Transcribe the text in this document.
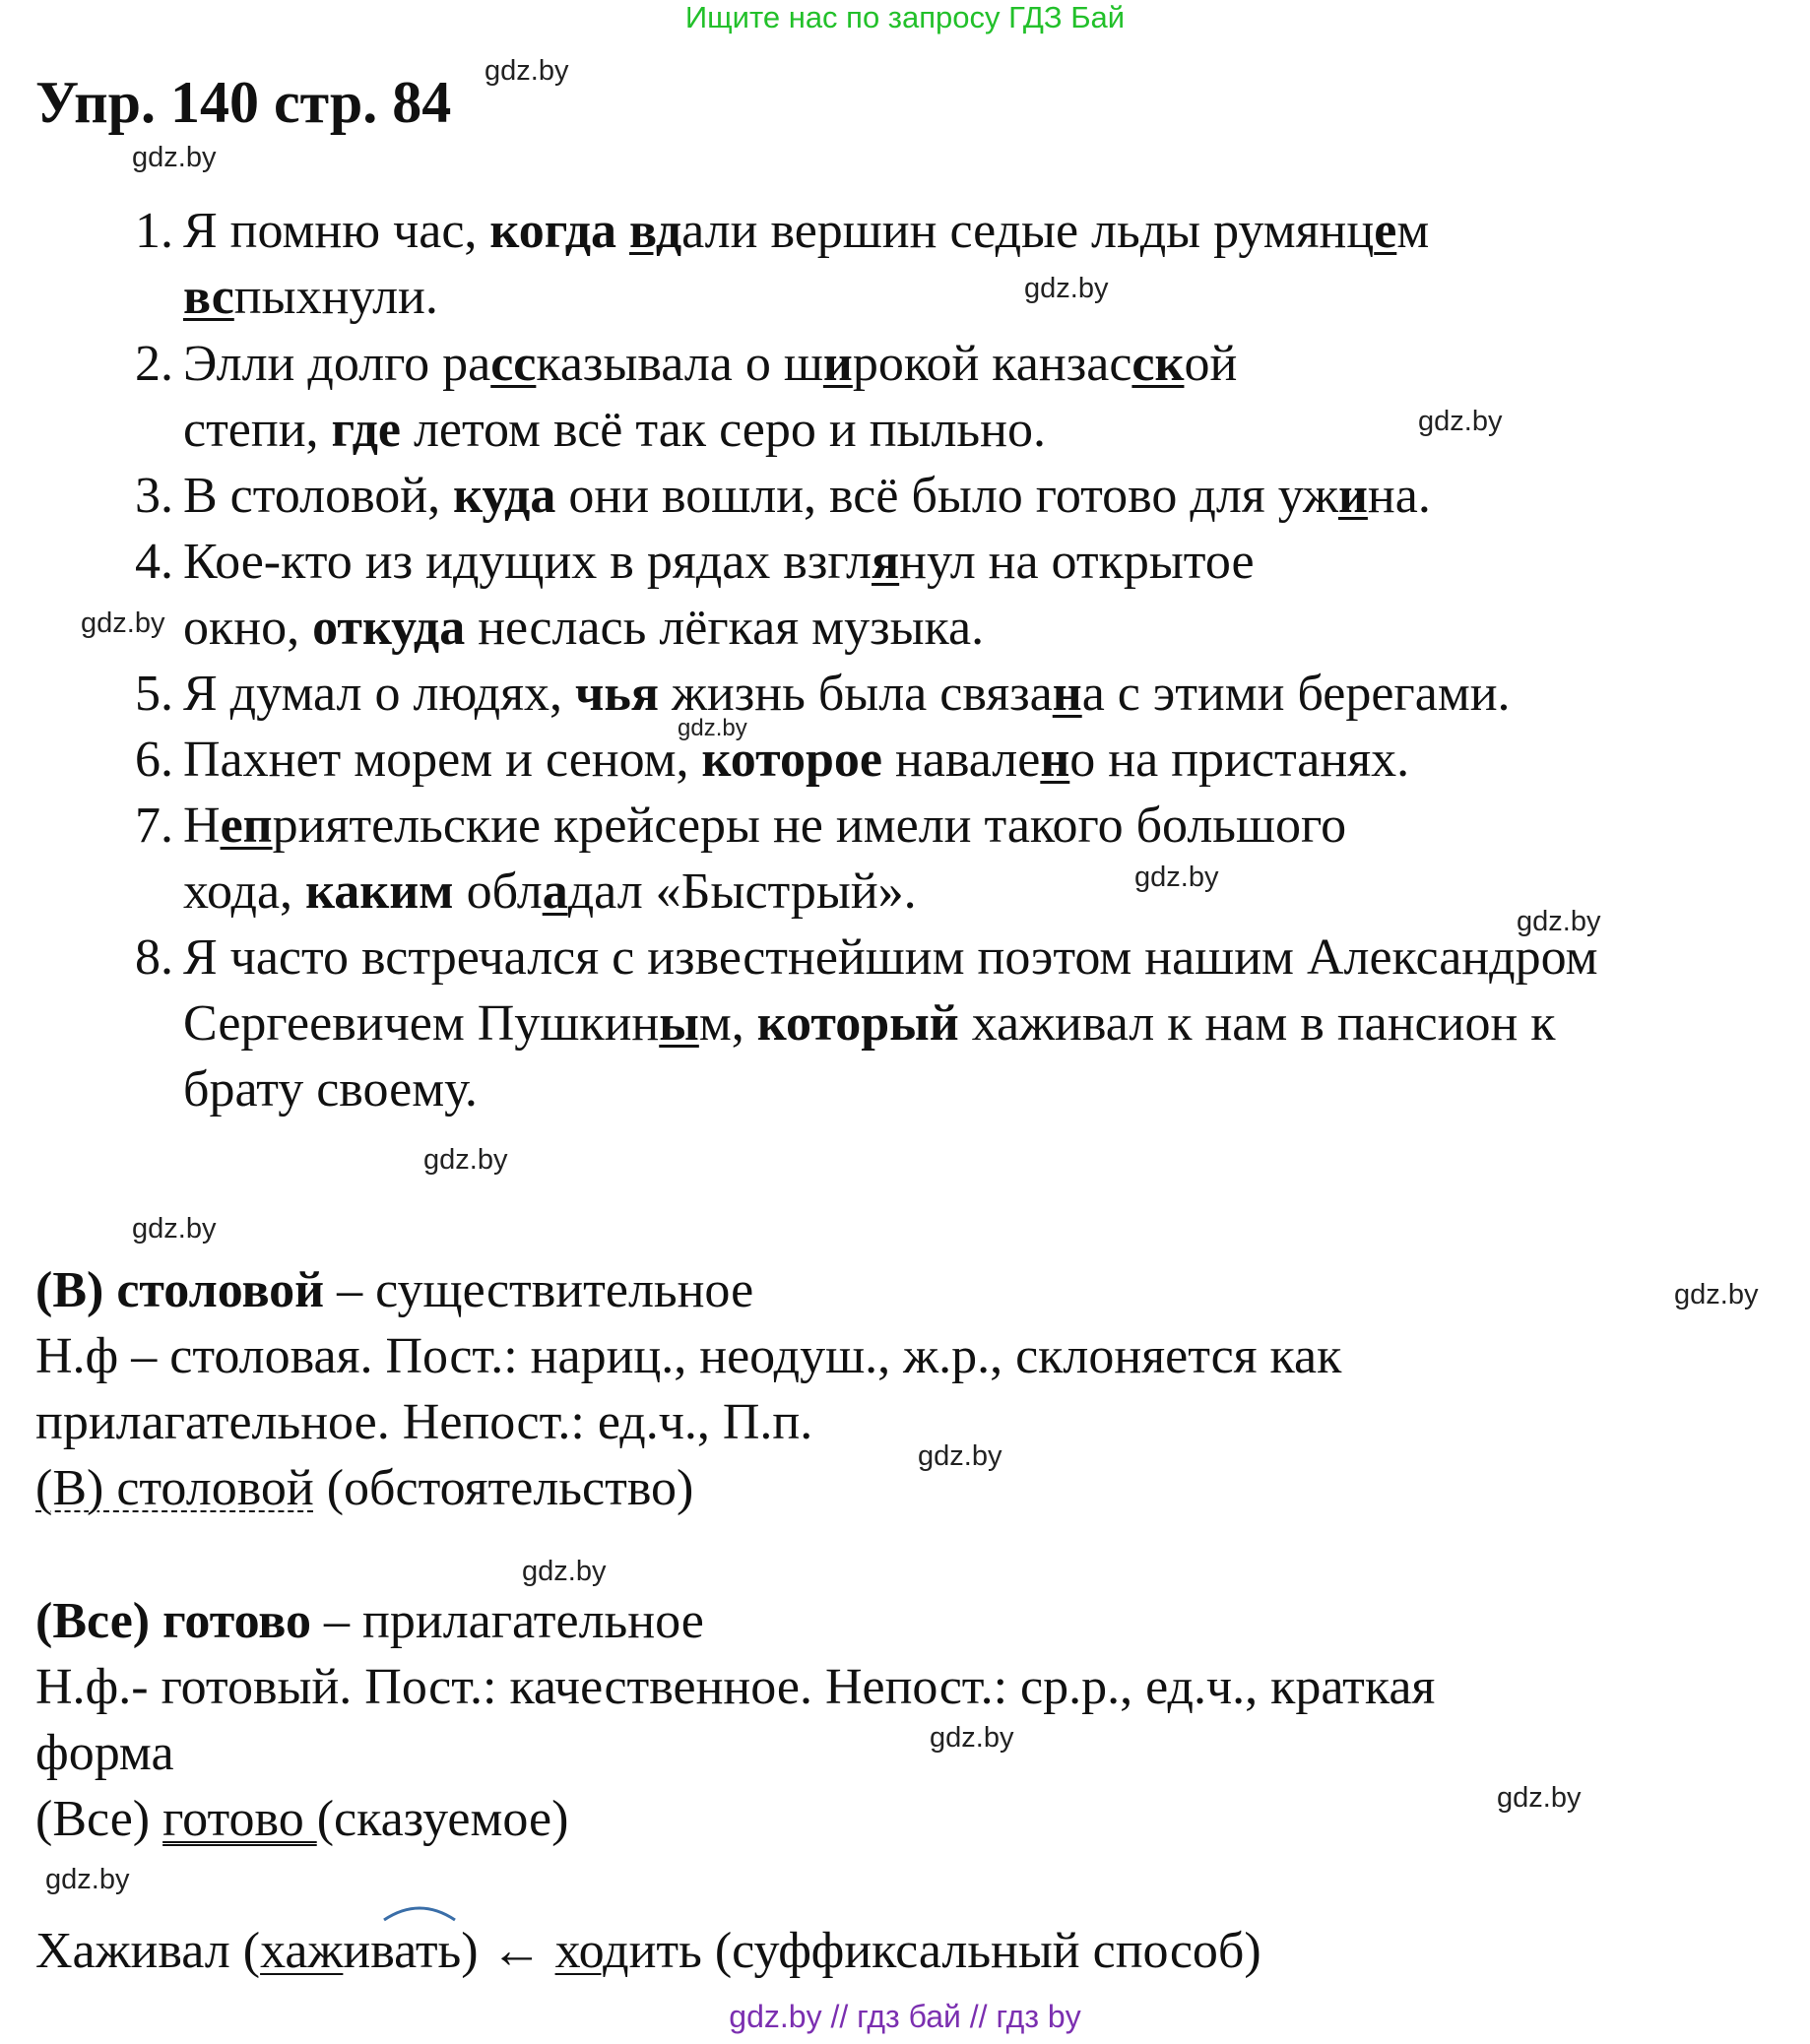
Ищите нас по запросу ГДЗ Бай
Упр. 140 стр. 84 gdz.by
gdz.by
gdz.by
gdz.by
gdz.by
gdz.by
gdz.by
gdz.by
gdz.by
gdz.by
gdz.by
gdz.by
gdz.by
gdz.by
gdz.by
gdz.by
1.
2.
3.
4.
5.
6.
7.
8.
Я помню час, когда вдали вершин седые льды румянцем
вспыхнули.
Элли долго рассказывала о широкой канзасской
степи, где летом всё так серо и пыльно.
В столовой, куда они вошли, всё было готово для ужина.
Кое-кто из идущих в рядах взглянул на открытое
окно, откуда неслась лёгкая музыка.
Я думал о людях, чья жизнь была связана с этими берегами.
Пахнет морем и сеном, которое навалено на пристанях.
Неприятельские крейсеры не имели такого большого
хода, каким обладал «Быстрый».
Я часто встречался с известнейшим поэтом нашим Александром
Сергеевичем Пушкиным, который хаживал к нам в пансион к
брату своему.
(В) столовой – существительное
Н.ф – столовая. Пост.: нариц., неодуш., ж.р., склоняется как
прилагательное. Непост.: ед.ч., П.п.
(В) столовой (обстоятельство)
(Все) готово – прилагательное
Н.ф.- готовый. Пост.: качественное. Непост.: ср.р., ед.ч., краткая
форма
(Все) готово (сказуемое)
Хаживал (хаживать) ← ходить (суффиксальный способ)
gdz.by // гдз бай // гдз by
